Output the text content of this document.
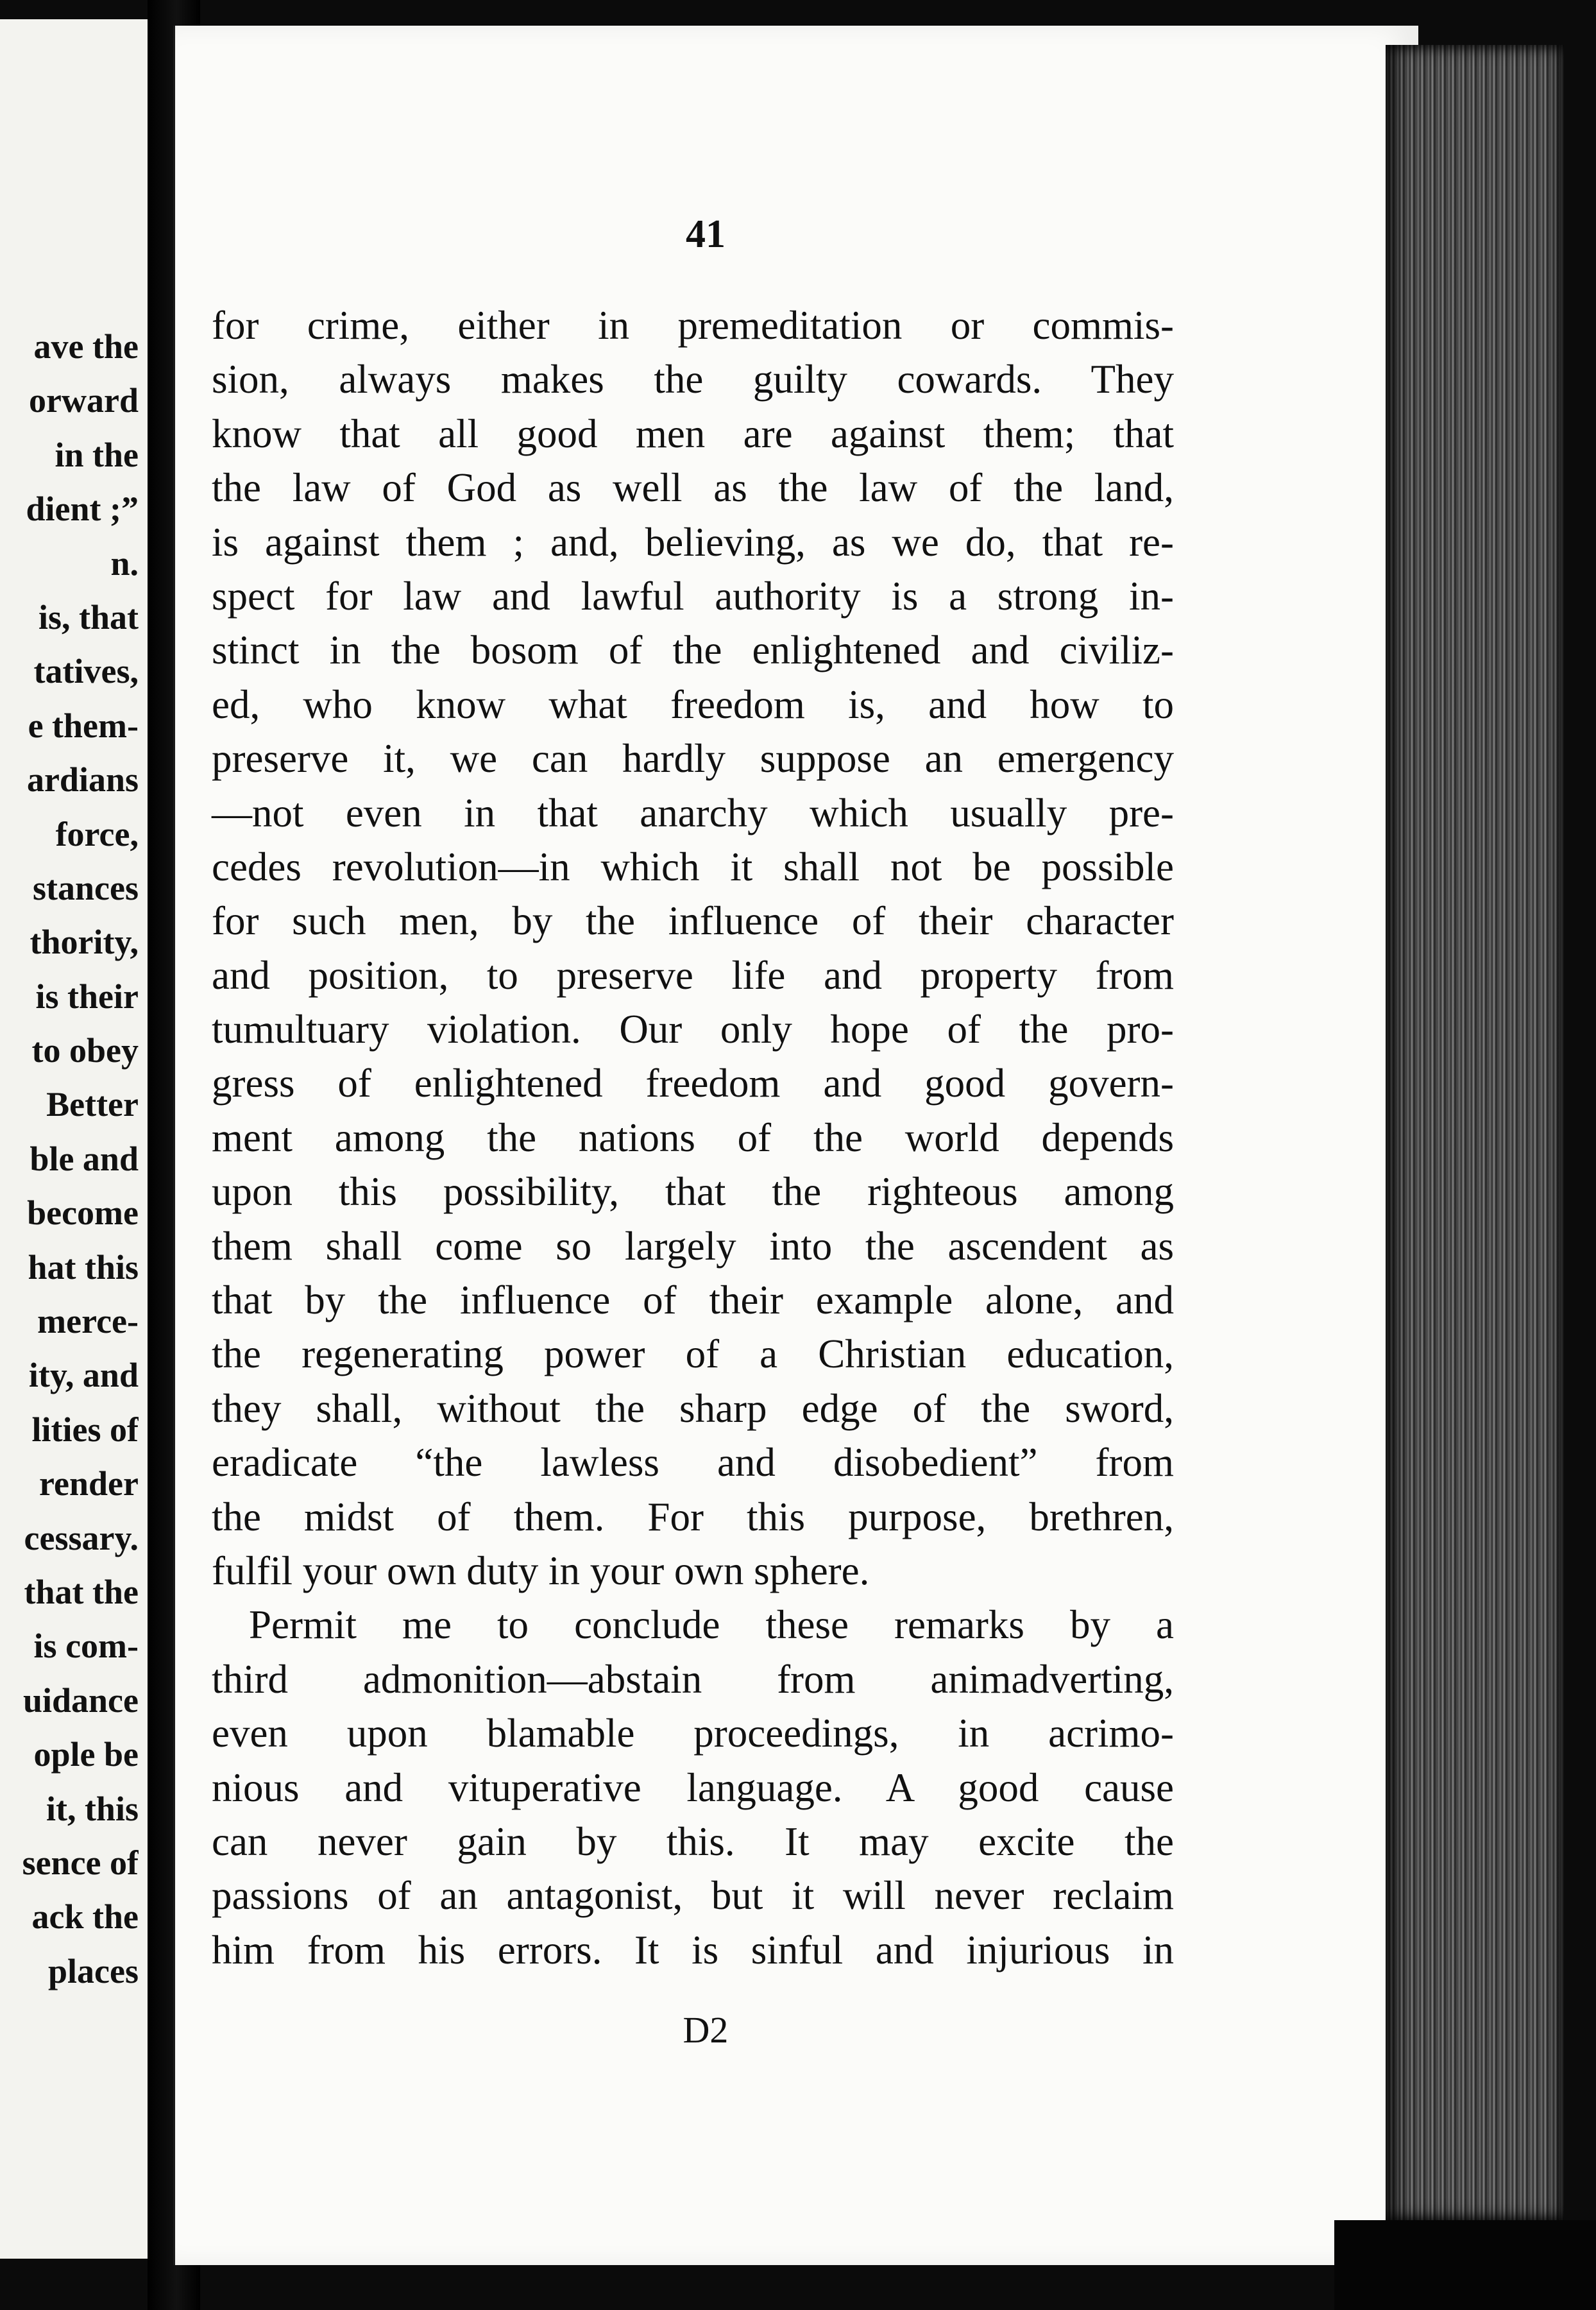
ave the
orward
in the
dient ;”
n.
is, that
tatives,
e them-
ardians
force,
stances
thority,
is their
to obey
Better
ble and
become
hat this
merce-
ity, and
lities of
render
cessary.
that the
is com-
uidance
ople be
it, this
sence of
ack the
places
41
for crime, either in premeditation or commis-
sion, always makes the guilty cowards. They
know that all good men are against them; that
the law of God as well as the law of the land,
is against them ; and, believing, as we do, that re-
spect for law and lawful authority is a strong in-
stinct in the bosom of the enlightened and civiliz-
ed, who know what freedom is, and how to
preserve it, we can hardly suppose an emergency
—not even in that anarchy which usually pre-
cedes revolution—in which it shall not be possible
for such men, by the influence of their character
and position, to preserve life and property from
tumultuary violation. Our only hope of the pro-
gress of enlightened freedom and good govern-
ment among the nations of the world depends
upon this possibility, that the righteous among
them shall come so largely into the ascendent as
that by the influence of their example alone, and
the regenerating power of a Christian education,
they shall, without the sharp edge of the sword,
eradicate “the lawless and disobedient” from
the midst of them. For this purpose, brethren,
fulfil your own duty in your own sphere.
Permit me to conclude these remarks by a
third admonition—abstain from animadverting,
even upon blamable proceedings, in acrimo-
nious and vituperative language. A good cause
can never gain by this. It may excite the
passions of an antagonist, but it will never reclaim
him from his errors. It is sinful and injurious in
D2
